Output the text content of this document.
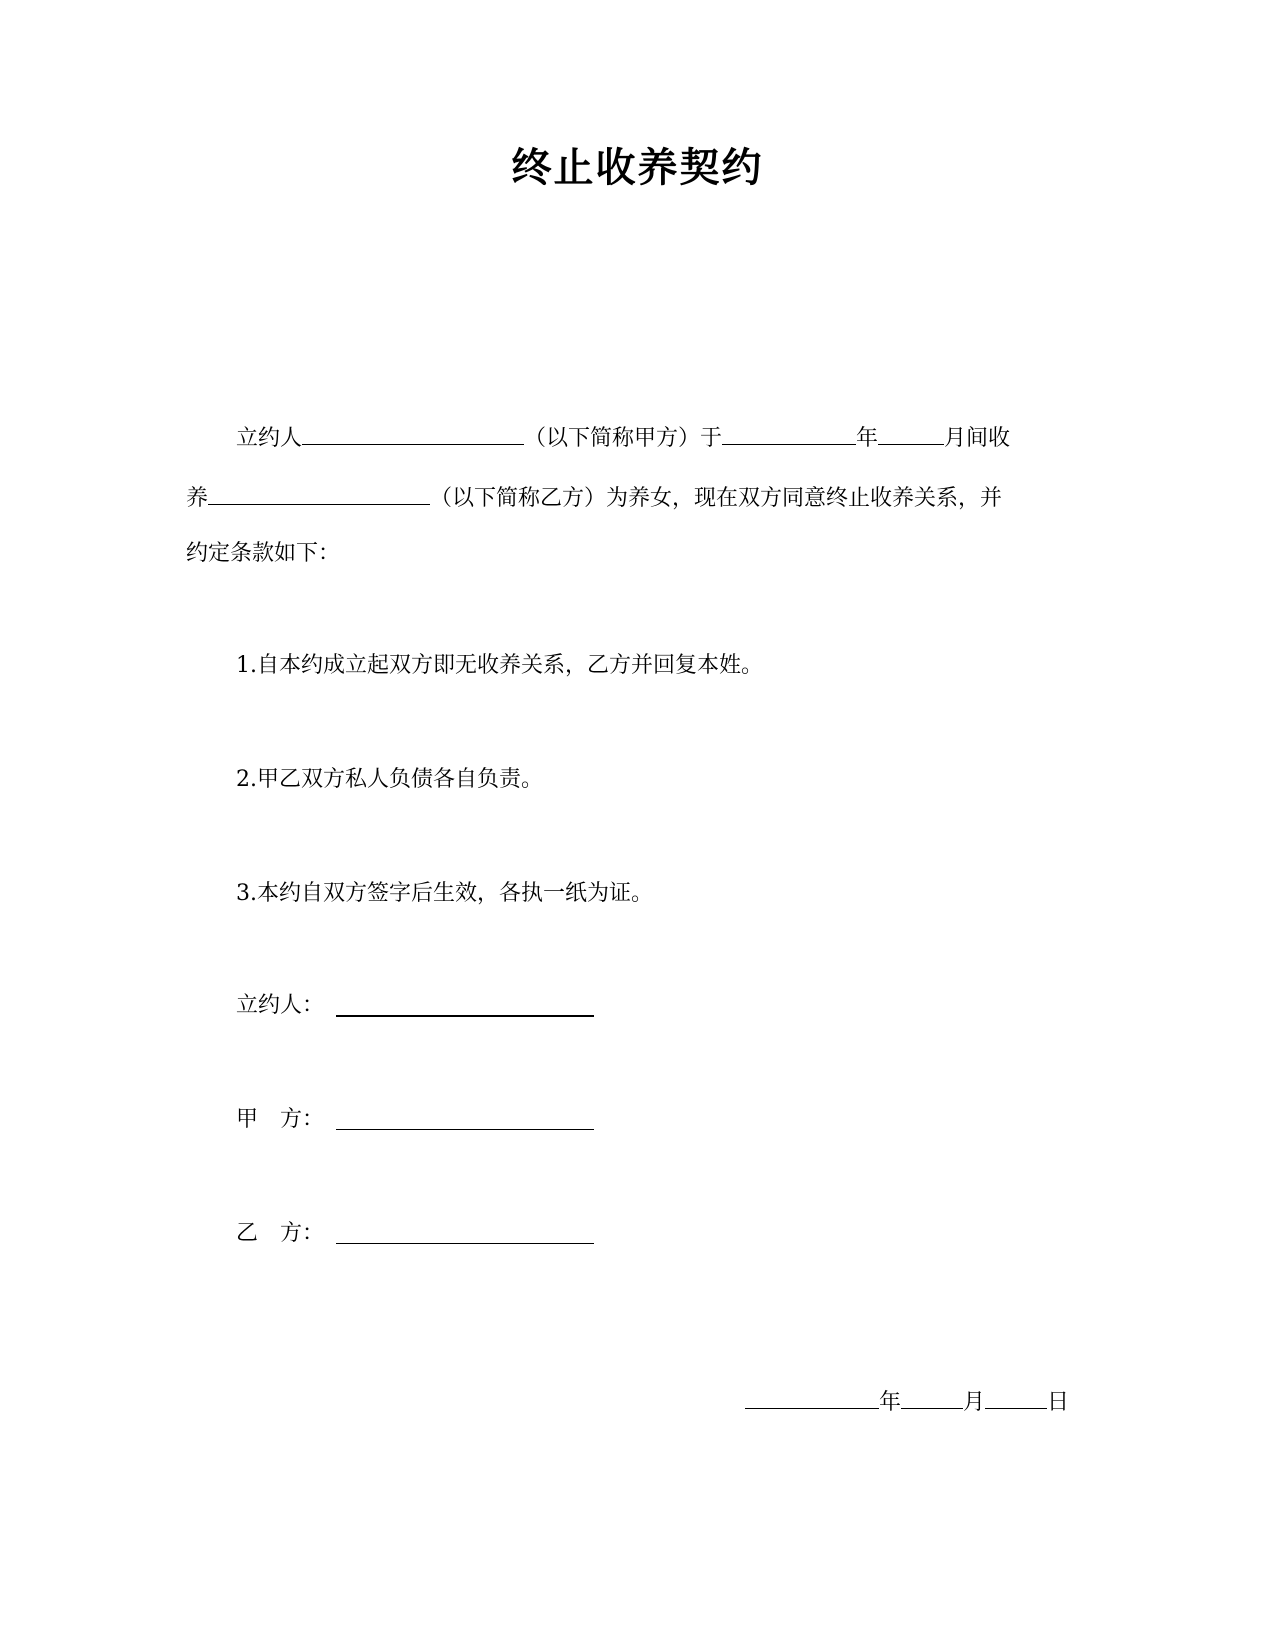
终止收养契约
立约人	（以下简称甲方）于	年	月间收
养	（以下简称乙方）为养女，现在双方同意终止收养关系，并
约定条款如下：
1.自本约成立起双方即无收养关系，乙方并回复本姓。
2.甲乙双方私人负债各自负责。
3.本约自双方签字后生效，各执一纸为证。
立约人：
甲　方：
乙　方：
年	月	日
